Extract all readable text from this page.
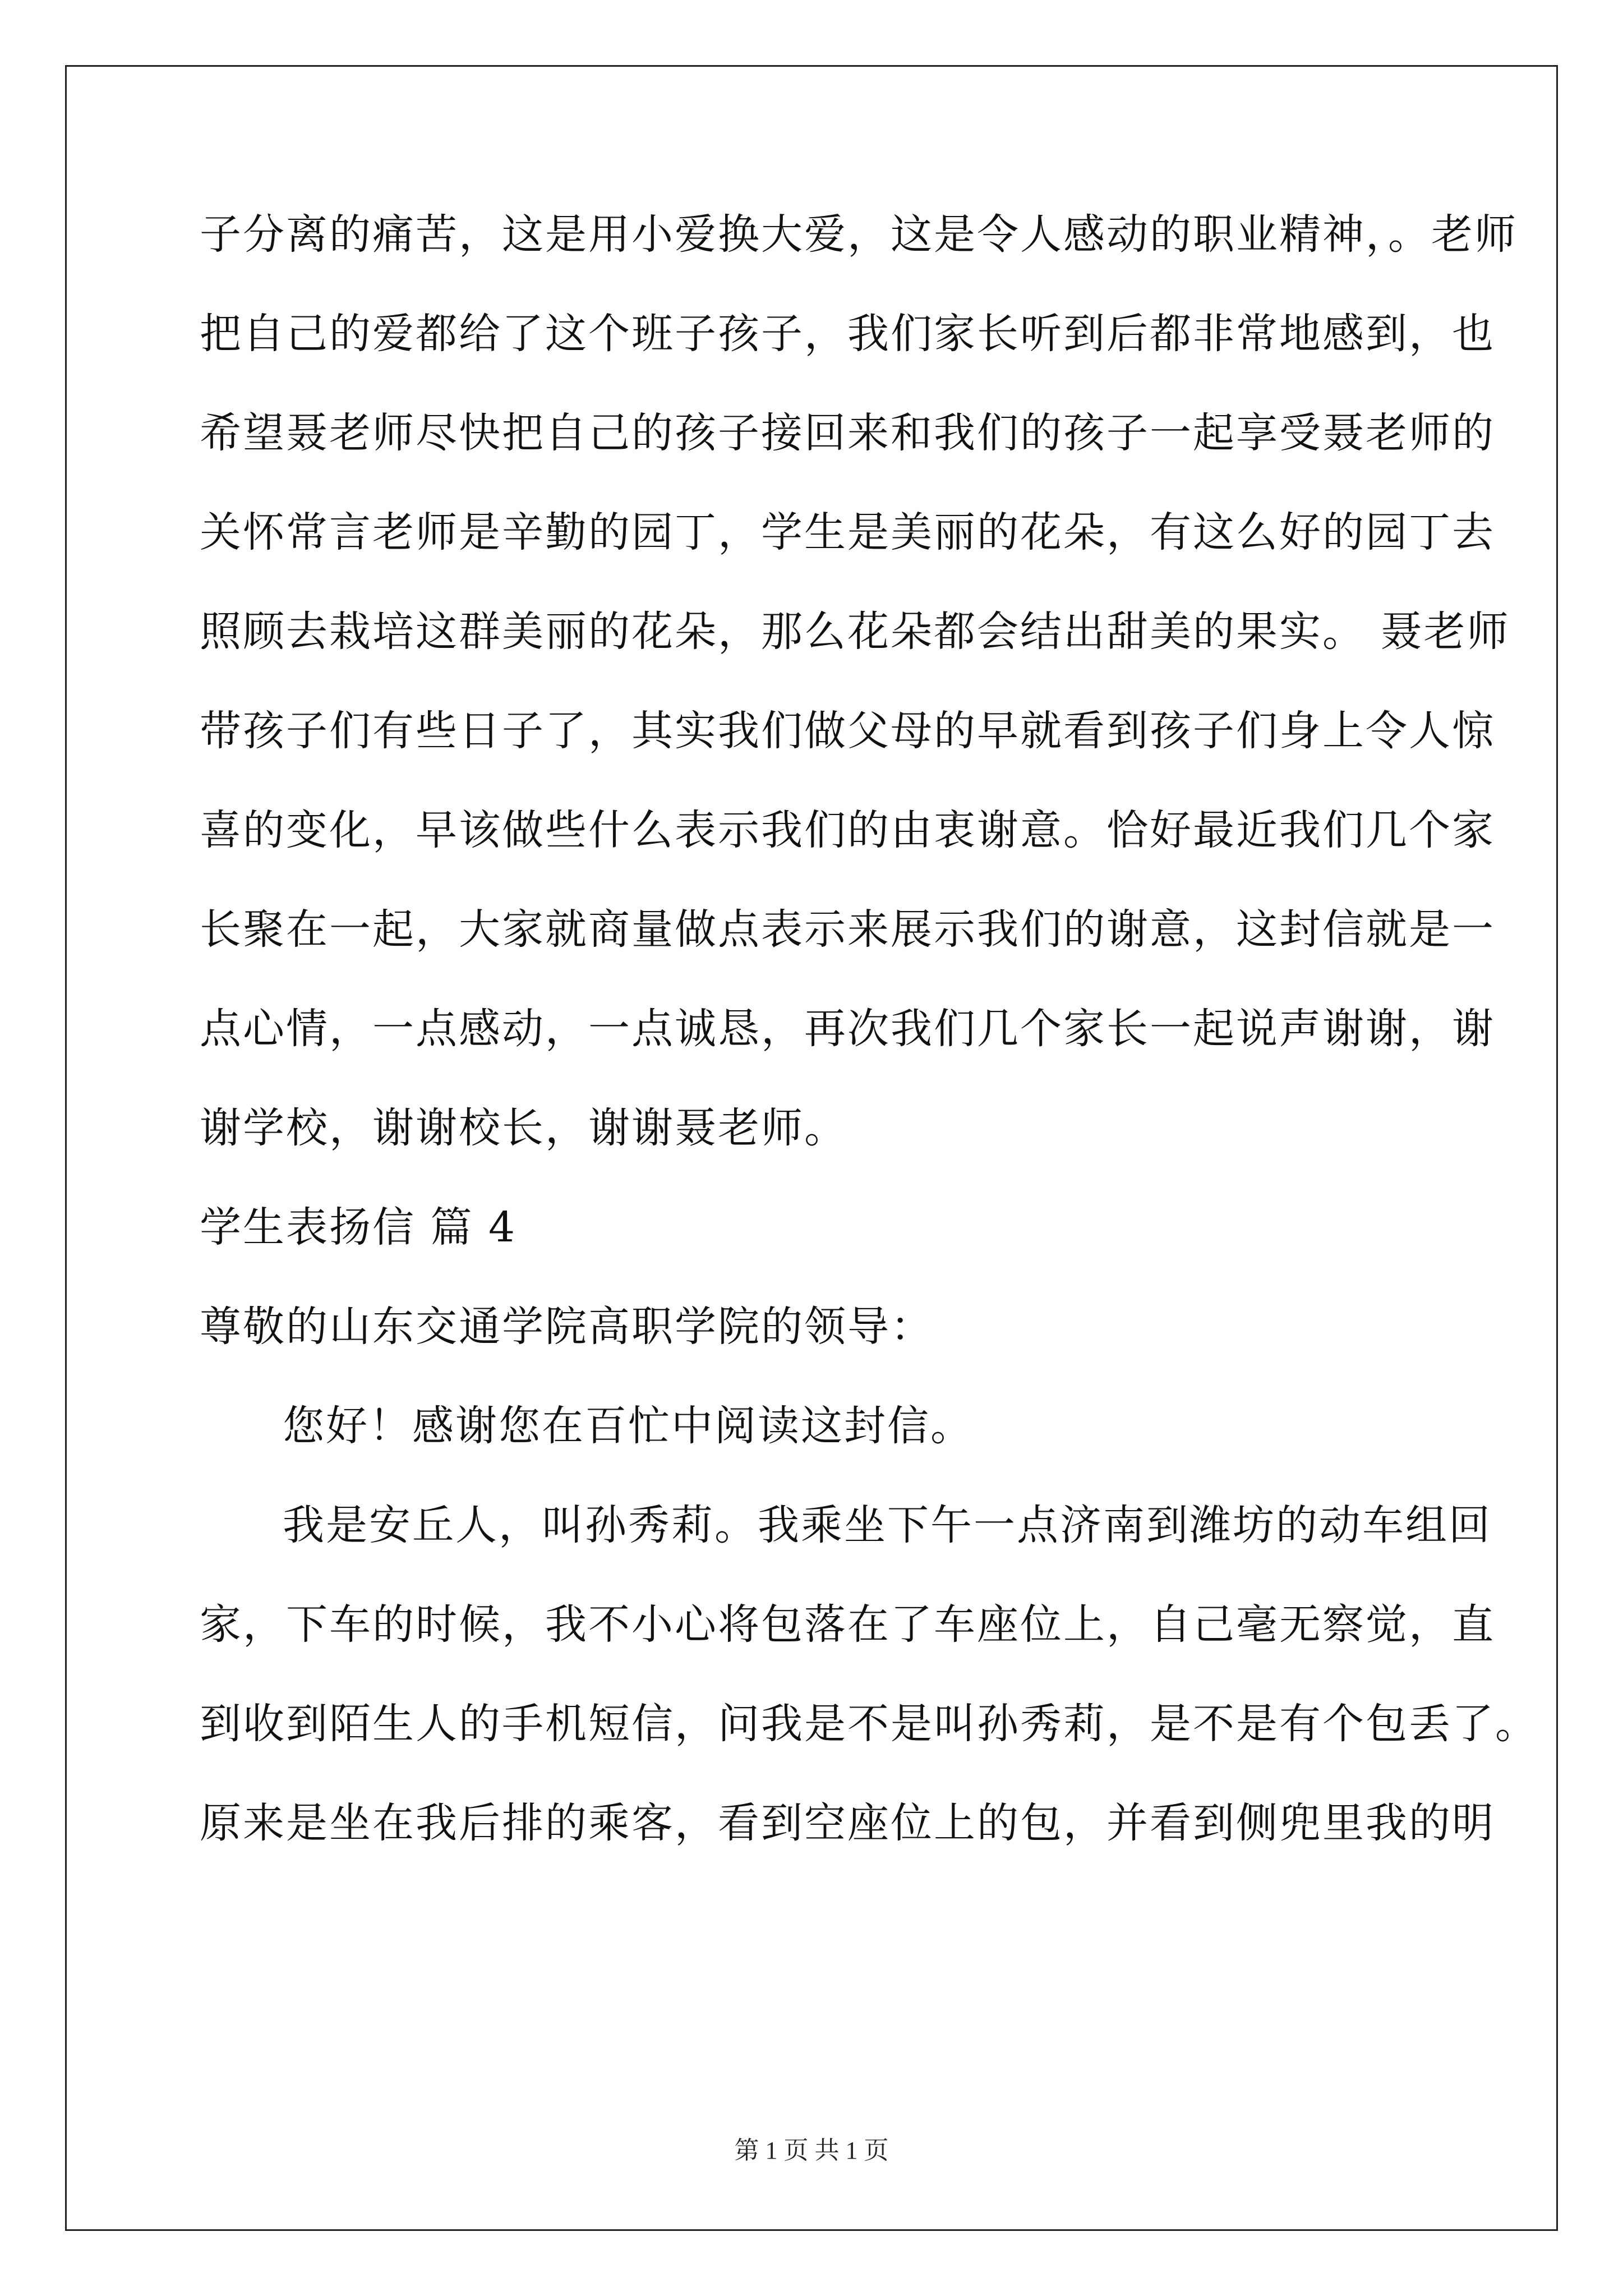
子分离的痛苦，这是用小爱换大爱，这是令人感动的职业精神，。老师
把自己的爱都给了这个班子孩子，我们家长听到后都非常地感到，也
希望聂老师尽快把自己的孩子接回来和我们的孩子一起享受聂老师的
关怀常言老师是辛勤的园丁，学生是美丽的花朵，有这么好的园丁去
照顾去栽培这群美丽的花朵，那么花朵都会结出甜美的果实。 聂老师
带孩子们有些日子了，其实我们做父母的早就看到孩子们身上令人惊
喜的变化，早该做些什么表示我们的由衷谢意。恰好最近我们几个家
长聚在一起，大家就商量做点表示来展示我们的谢意，这封信就是一
点心情，一点感动，一点诚恳，再次我们几个家长一起说声谢谢，谢
谢学校，谢谢校长，谢谢聂老师。
学生表扬信 篇 4
尊敬的山东交通学院高职学院的领导：
您好！感谢您在百忙中阅读这封信。
我是安丘人，叫孙秀莉。我乘坐下午一点济南到潍坊的动车组回
家，下车的时候，我不小心将包落在了车座位上，自己毫无察觉，直
到收到陌生人的手机短信，问我是不是叫孙秀莉，是不是有个包丢了。
原来是坐在我后排的乘客，看到空座位上的包，并看到侧兜里我的明
第 1 页 共 1 页
